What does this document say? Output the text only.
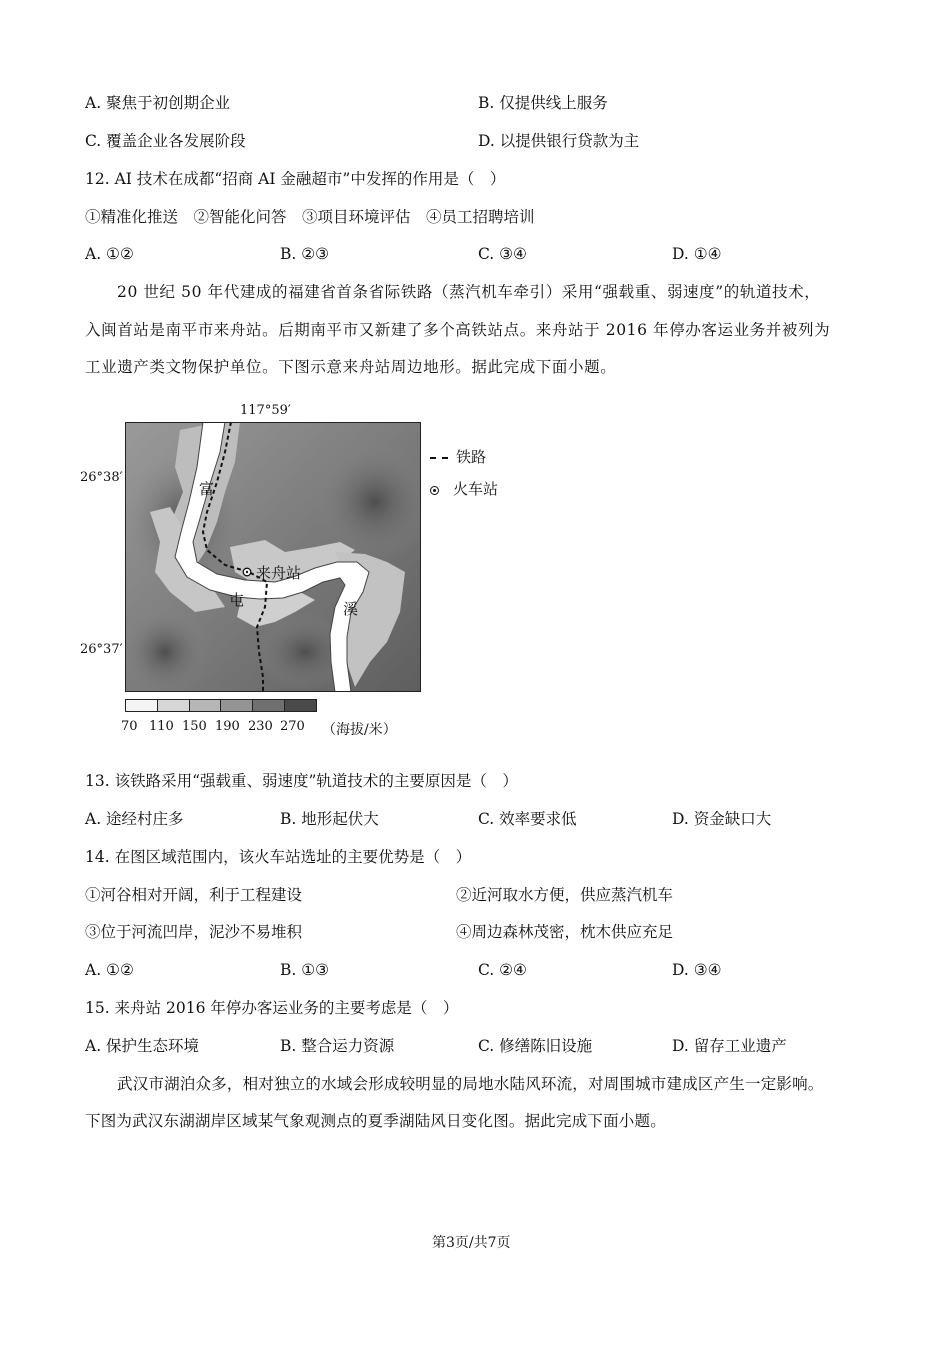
A. 聚焦于初创期企业	B. 仅提供线上服务
C. 覆盖企业各发展阶段	D. 以提供银行贷款为主
12. AI 技术在成都“招商 AI 金融超市”中发挥的作用是（　）
①精准化推送　②智能化问答　③项目环境评估　④员工招聘培训
A. ①②	B. ②③	C. ③④	D. ①④
20 世纪 50 年代建成的福建省首条省际铁路（蒸汽机车牵引）采用“强载重、弱速度”的轨道技术，
入闽首站是南平市来舟站。后期南平市又新建了多个高铁站点。来舟站于 2016 年停办客运业务并被列为
工业遗产类文物保护单位。下图示意来舟站周边地形。据此完成下面小题。
117°59′
26°38′
26°37′
富
屯	溪
来舟站
铁路
火车站
70 110 150 190 230 270 （海拔/米）
13. 该铁路采用“强载重、弱速度”轨道技术的主要原因是（　）
A. 途经村庄多	B. 地形起伏大	C. 效率要求低	D. 资金缺口大
14. 在图区域范围内，该火车站选址的主要优势是（　）
①河谷相对开阔，利于工程建设	②近河取水方便，供应蒸汽机车
③位于河流凹岸，泥沙不易堆积	④周边森林茂密，枕木供应充足
A. ①②	B. ①③	C. ②④	D. ③④
15. 来舟站 2016 年停办客运业务的主要考虑是（　）
A. 保护生态环境	B. 整合运力资源	C. 修缮陈旧设施	D. 留存工业遗产
武汉市湖泊众多，相对独立的水域会形成较明显的局地水陆风环流，对周围城市建成区产生一定影响。
下图为武汉东湖湖岸区域某气象观测点的夏季湖陆风日变化图。据此完成下面小题。
第3页/共7页
